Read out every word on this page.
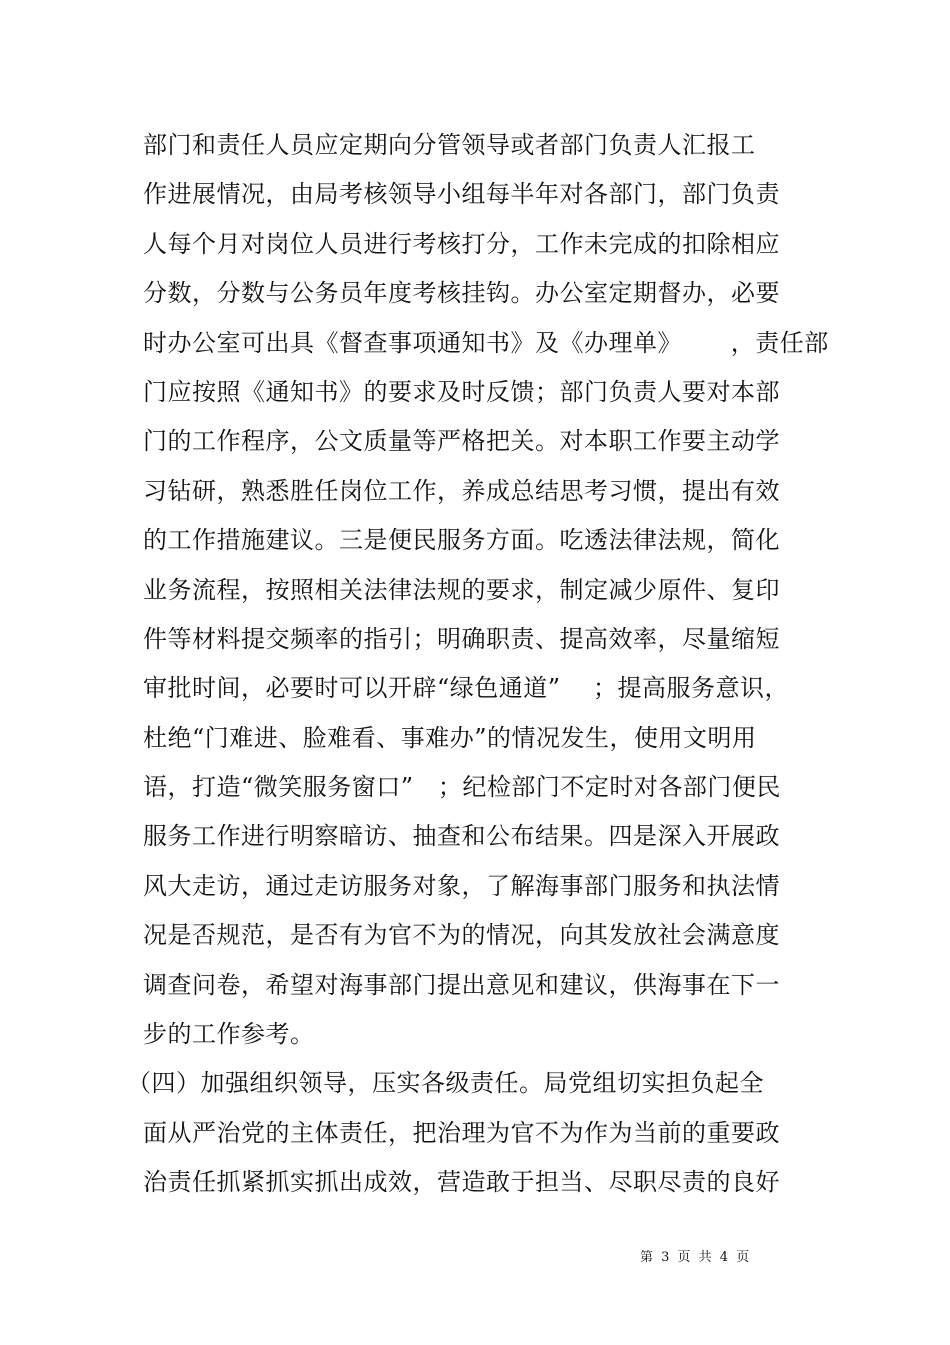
部门和责任人员应定期向分管领导或者部门负责人汇报工
作进展情况，由局考核领导小组每半年对各部门，部门负责
人每个月对岗位人员进行考核打分，工作未完成的扣除相应
分数，分数与公务员年度考核挂钩。办公室定期督办，必要
时办公室可出具《督查事项通知书》及《办理单》      ，责任部
门应按照《通知书》的要求及时反馈；部门负责人要对本部
门的工作程序，公文质量等严格把关。对本职工作要主动学
习钻研，熟悉胜任岗位工作，养成总结思考习惯，提出有效
的工作措施建议。三是便民服务方面。吃透法律法规，简化
业务流程，按照相关法律法规的要求，制定减少原件、复印
件等材料提交频率的指引；明确职责、提高效率，尽量缩短
审批时间，必要时可以开辟“绿色通道”    ；提高服务意识，
杜绝“门难进、脸难看、事难办”的情况发生，使用文明用
语，打造“微笑服务窗口”   ；纪检部门不定时对各部门便民
服务工作进行明察暗访、抽查和公布结果。四是深入开展政
风大走访，通过走访服务对象，了解海事部门服务和执法情
况是否规范，是否有为官不为的情况，向其发放社会满意度
调查问卷，希望对海事部门提出意见和建议，供海事在下一
步的工作参考。
（四）加强组织领导，压实各级责任。局党组切实担负起全
面从严治党的主体责任，把治理为官不为作为当前的重要政
治责任抓紧抓实抓出成效，营造敢于担当、尽职尽责的良好
第 3 页 共 4 页
